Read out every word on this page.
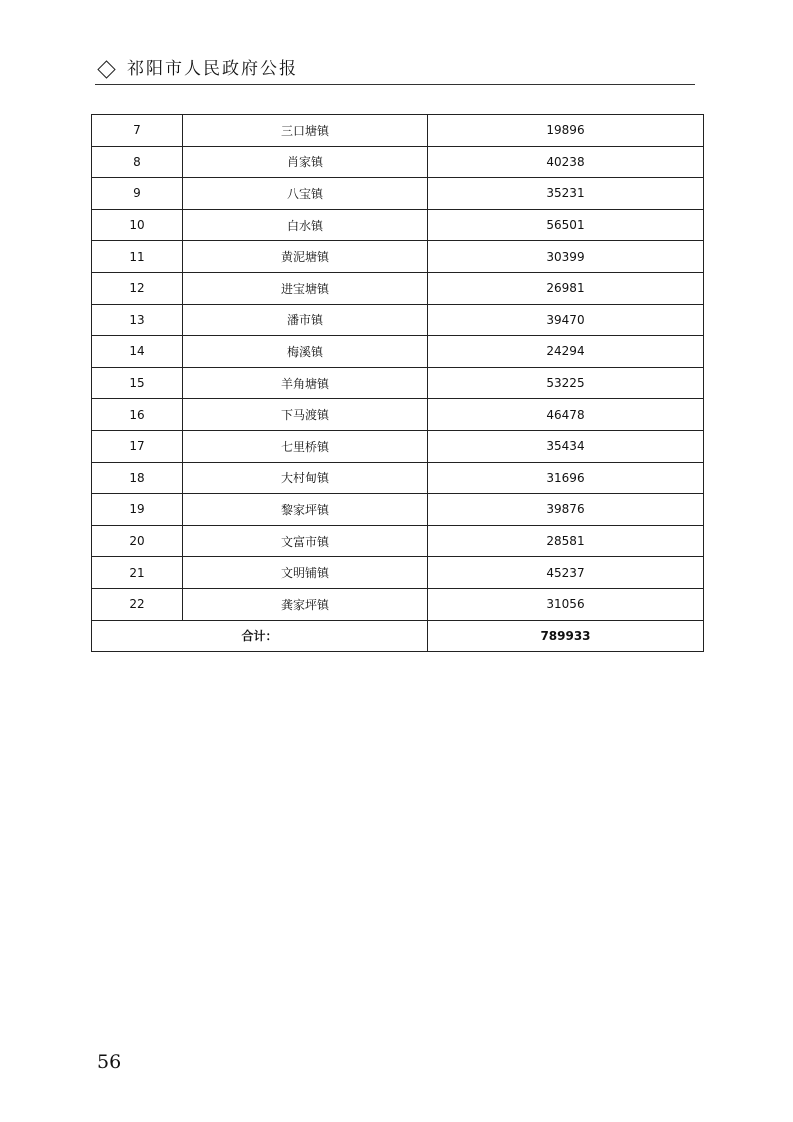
祁阳市人民政府公报
7	三口塘镇	19896
8	肖家镇	40238
9	八宝镇	35231
10	白水镇	56501
11	黄泥塘镇	30399
12	进宝塘镇	26981
13	潘市镇	39470
14	梅溪镇	24294
15	羊角塘镇	53225
16	下马渡镇	46478
17	七里桥镇	35434
18	大村甸镇	31696
19	黎家坪镇	39876
20	文富市镇	28581
21	文明铺镇	45237
22	龚家坪镇	31056
合计：		789933
56
